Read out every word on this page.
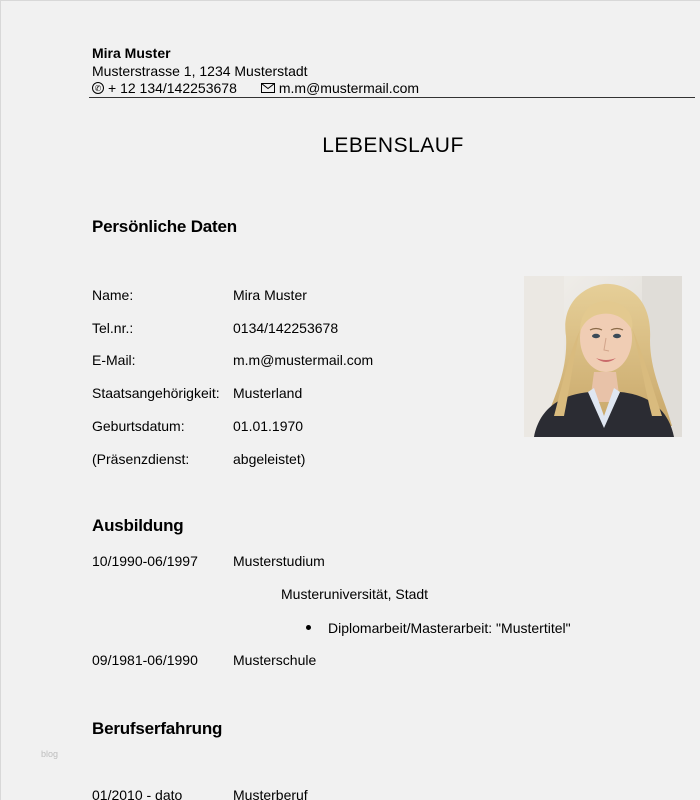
Mira Muster
Musterstrasse 1, 1234 Musterstadt
✆ + 12 134/142253678	m.m@mustermail.com
LEBENSLAUF
Persönliche Daten
Name:	Mira Muster
Tel.nr.:	0134/142253678
E-Mail:	m.m@mustermail.com
Staatsangehörigkeit: Musterland
Geburtsdatum:	01.01.1970
(Präsenzdienst:	abgeleistet)
Ausbildung
10/1990-06/1997	Musterstudium
Musteruniversität, Stadt
Diplomarbeit/Masterarbeit: "Mustertitel"
09/1981-06/1990	Musterschule
Berufserfahrung
01/2010 - dato	Musterberuf
blog
